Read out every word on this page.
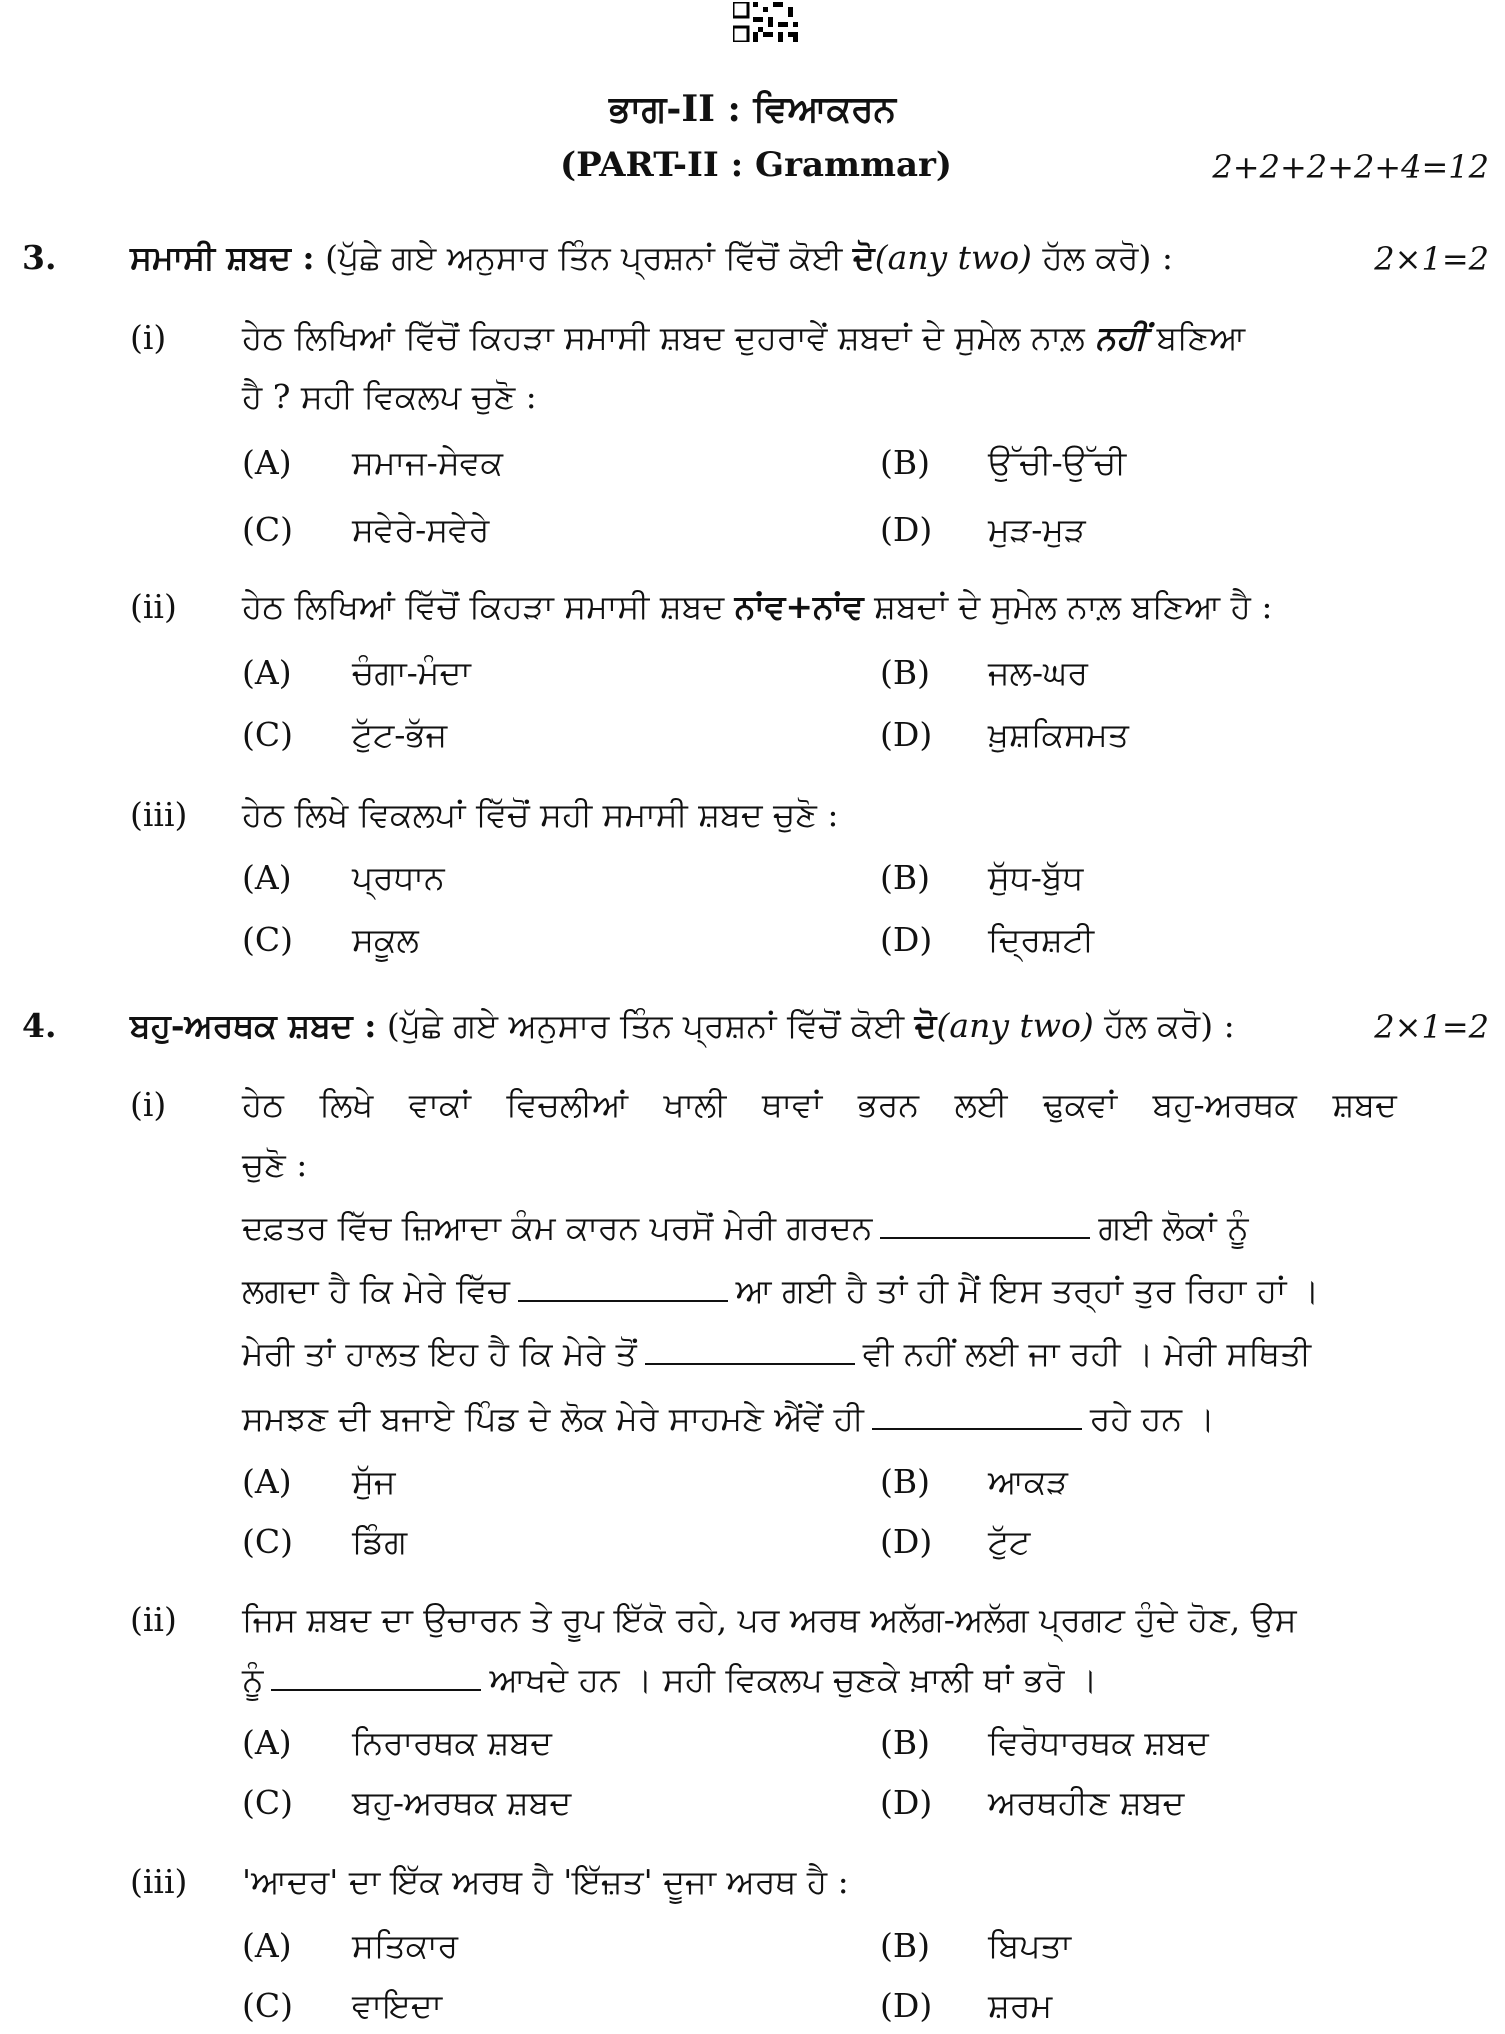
ਭਾਗ-II : ਵਿਆਕਰਨ
(PART-II : Grammar)	2+2+2+2+4=12
3. ਸਮਾਸੀ ਸ਼ਬਦ : (ਪੁੱਛੇ ਗਏ ਅਨੁਸਾਰ ਤਿੰਨ ਪ੍ਰਸ਼ਨਾਂ ਵਿੱਚੋਂ ਕੋਈ ਦੋ(any two) ਹੱਲ ਕਰੋ) :	2×1=2
(i) ਹੇਠ ਲਿਖਿਆਂ ਵਿੱਚੋਂ ਕਿਹੜਾ ਸਮਾਸੀ ਸ਼ਬਦ ਦੁਹਰਾਵੇਂ ਸ਼ਬਦਾਂ ਦੇ ਸੁਮੇਲ ਨਾਲ਼ ਨਹੀਂ ਬਣਿਆ
ਹੈ ? ਸਹੀ ਵਿਕਲਪ ਚੁਣੋ :
(A) ਸਮਾਜ-ਸੇਵਕ	(B) ਉੱਚੀ-ਉੱਚੀ
(C) ਸਵੇਰੇ-ਸਵੇਰੇ	(D) ਮੁੜ-ਮੁੜ
(ii) ਹੇਠ ਲਿਖਿਆਂ ਵਿੱਚੋਂ ਕਿਹੜਾ ਸਮਾਸੀ ਸ਼ਬਦ ਨਾਂਵ+ਨਾਂਵ ਸ਼ਬਦਾਂ ਦੇ ਸੁਮੇਲ ਨਾਲ਼ ਬਣਿਆ ਹੈ :
(A) ਚੰਗਾ-ਮੰਦਾ	(B) ਜਲ-ਘਰ
(C) ਟੁੱਟ-ਭੱਜ	(D) ਖ਼ੁਸ਼ਕਿਸਮਤ
(iii) ਹੇਠ ਲਿਖੇ ਵਿਕਲਪਾਂ ਵਿੱਚੋਂ ਸਹੀ ਸਮਾਸੀ ਸ਼ਬਦ ਚੁਣੋ :
(A) ਪ੍ਰਧਾਨ	(B) ਸੁੱਧ-ਬੁੱਧ
(C) ਸਕੂਲ	(D) ਦ੍ਰਿਸ਼ਟੀ
4. ਬਹੁ-ਅਰਥਕ ਸ਼ਬਦ : (ਪੁੱਛੇ ਗਏ ਅਨੁਸਾਰ ਤਿੰਨ ਪ੍ਰਸ਼ਨਾਂ ਵਿੱਚੋਂ ਕੋਈ ਦੋ(any two) ਹੱਲ ਕਰੋ) :	2×1=2
(i) ਹੇਠ ਲਿਖੇ ਵਾਕਾਂ ਵਿਚਲੀਆਂ ਖਾਲੀ ਥਾਵਾਂ ਭਰਨ ਲਈ ਢੁਕਵਾਂ ਬਹੁ-ਅਰਥਕ ਸ਼ਬਦ
ਚੁਣੋ :
ਦਫ਼ਤਰ ਵਿੱਚ ਜ਼ਿਆਦਾ ਕੰਮ ਕਾਰਨ ਪਰਸੋਂ ਮੇਰੀ ਗਰਦਨ	ਗਈ ਲੋਕਾਂ ਨੂੰ
ਲਗਦਾ ਹੈ ਕਿ ਮੇਰੇ ਵਿੱਚ	ਆ ਗਈ ਹੈ ਤਾਂ ਹੀ ਮੈਂ ਇਸ ਤਰ੍ਹਾਂ ਤੁਰ ਰਿਹਾ ਹਾਂ ।
ਮੇਰੀ ਤਾਂ ਹਾਲਤ ਇਹ ਹੈ ਕਿ ਮੇਰੇ ਤੋਂ	ਵੀ ਨਹੀਂ ਲਈ ਜਾ ਰਹੀ । ਮੇਰੀ ਸਥਿਤੀ
ਸਮਝਣ ਦੀ ਬਜਾਏ ਪਿੰਡ ਦੇ ਲੋਕ ਮੇਰੇ ਸਾਹਮਣੇ ਐਂਵੇਂ ਹੀ	ਰਹੇ ਹਨ ।
(A) ਸੁੱਜ	(B) ਆਕੜ
(C) ਡਿੰਗ	(D) ਟੁੱਟ
(ii) ਜਿਸ ਸ਼ਬਦ ਦਾ ਉਚਾਰਨ ਤੇ ਰੂਪ ਇੱਕੋ ਰਹੇ, ਪਰ ਅਰਥ ਅਲੱਗ-ਅਲੱਗ ਪ੍ਰਗਟ ਹੁੰਦੇ ਹੋਣ, ਉਸ
ਨੂੰ	ਆਖਦੇ ਹਨ । ਸਹੀ ਵਿਕਲਪ ਚੁਣਕੇ ਖ਼ਾਲੀ ਥਾਂ ਭਰੋ ।
(A) ਨਿਰਾਰਥਕ ਸ਼ਬਦ	(B) ਵਿਰੋਧਾਰਥਕ ਸ਼ਬਦ
(C) ਬਹੁ-ਅਰਥਕ ਸ਼ਬਦ	(D) ਅਰਥਹੀਣ ਸ਼ਬਦ
(iii) 'ਆਦਰ' ਦਾ ਇੱਕ ਅਰਥ ਹੈ 'ਇੱਜ਼ਤ' ਦੂਜਾ ਅਰਥ ਹੈ :
(A) ਸਤਿਕਾਰ	(B) ਬਿਪਤਾ
(C) ਵਾਇਦਾ	(D) ਸ਼ਰਮ
